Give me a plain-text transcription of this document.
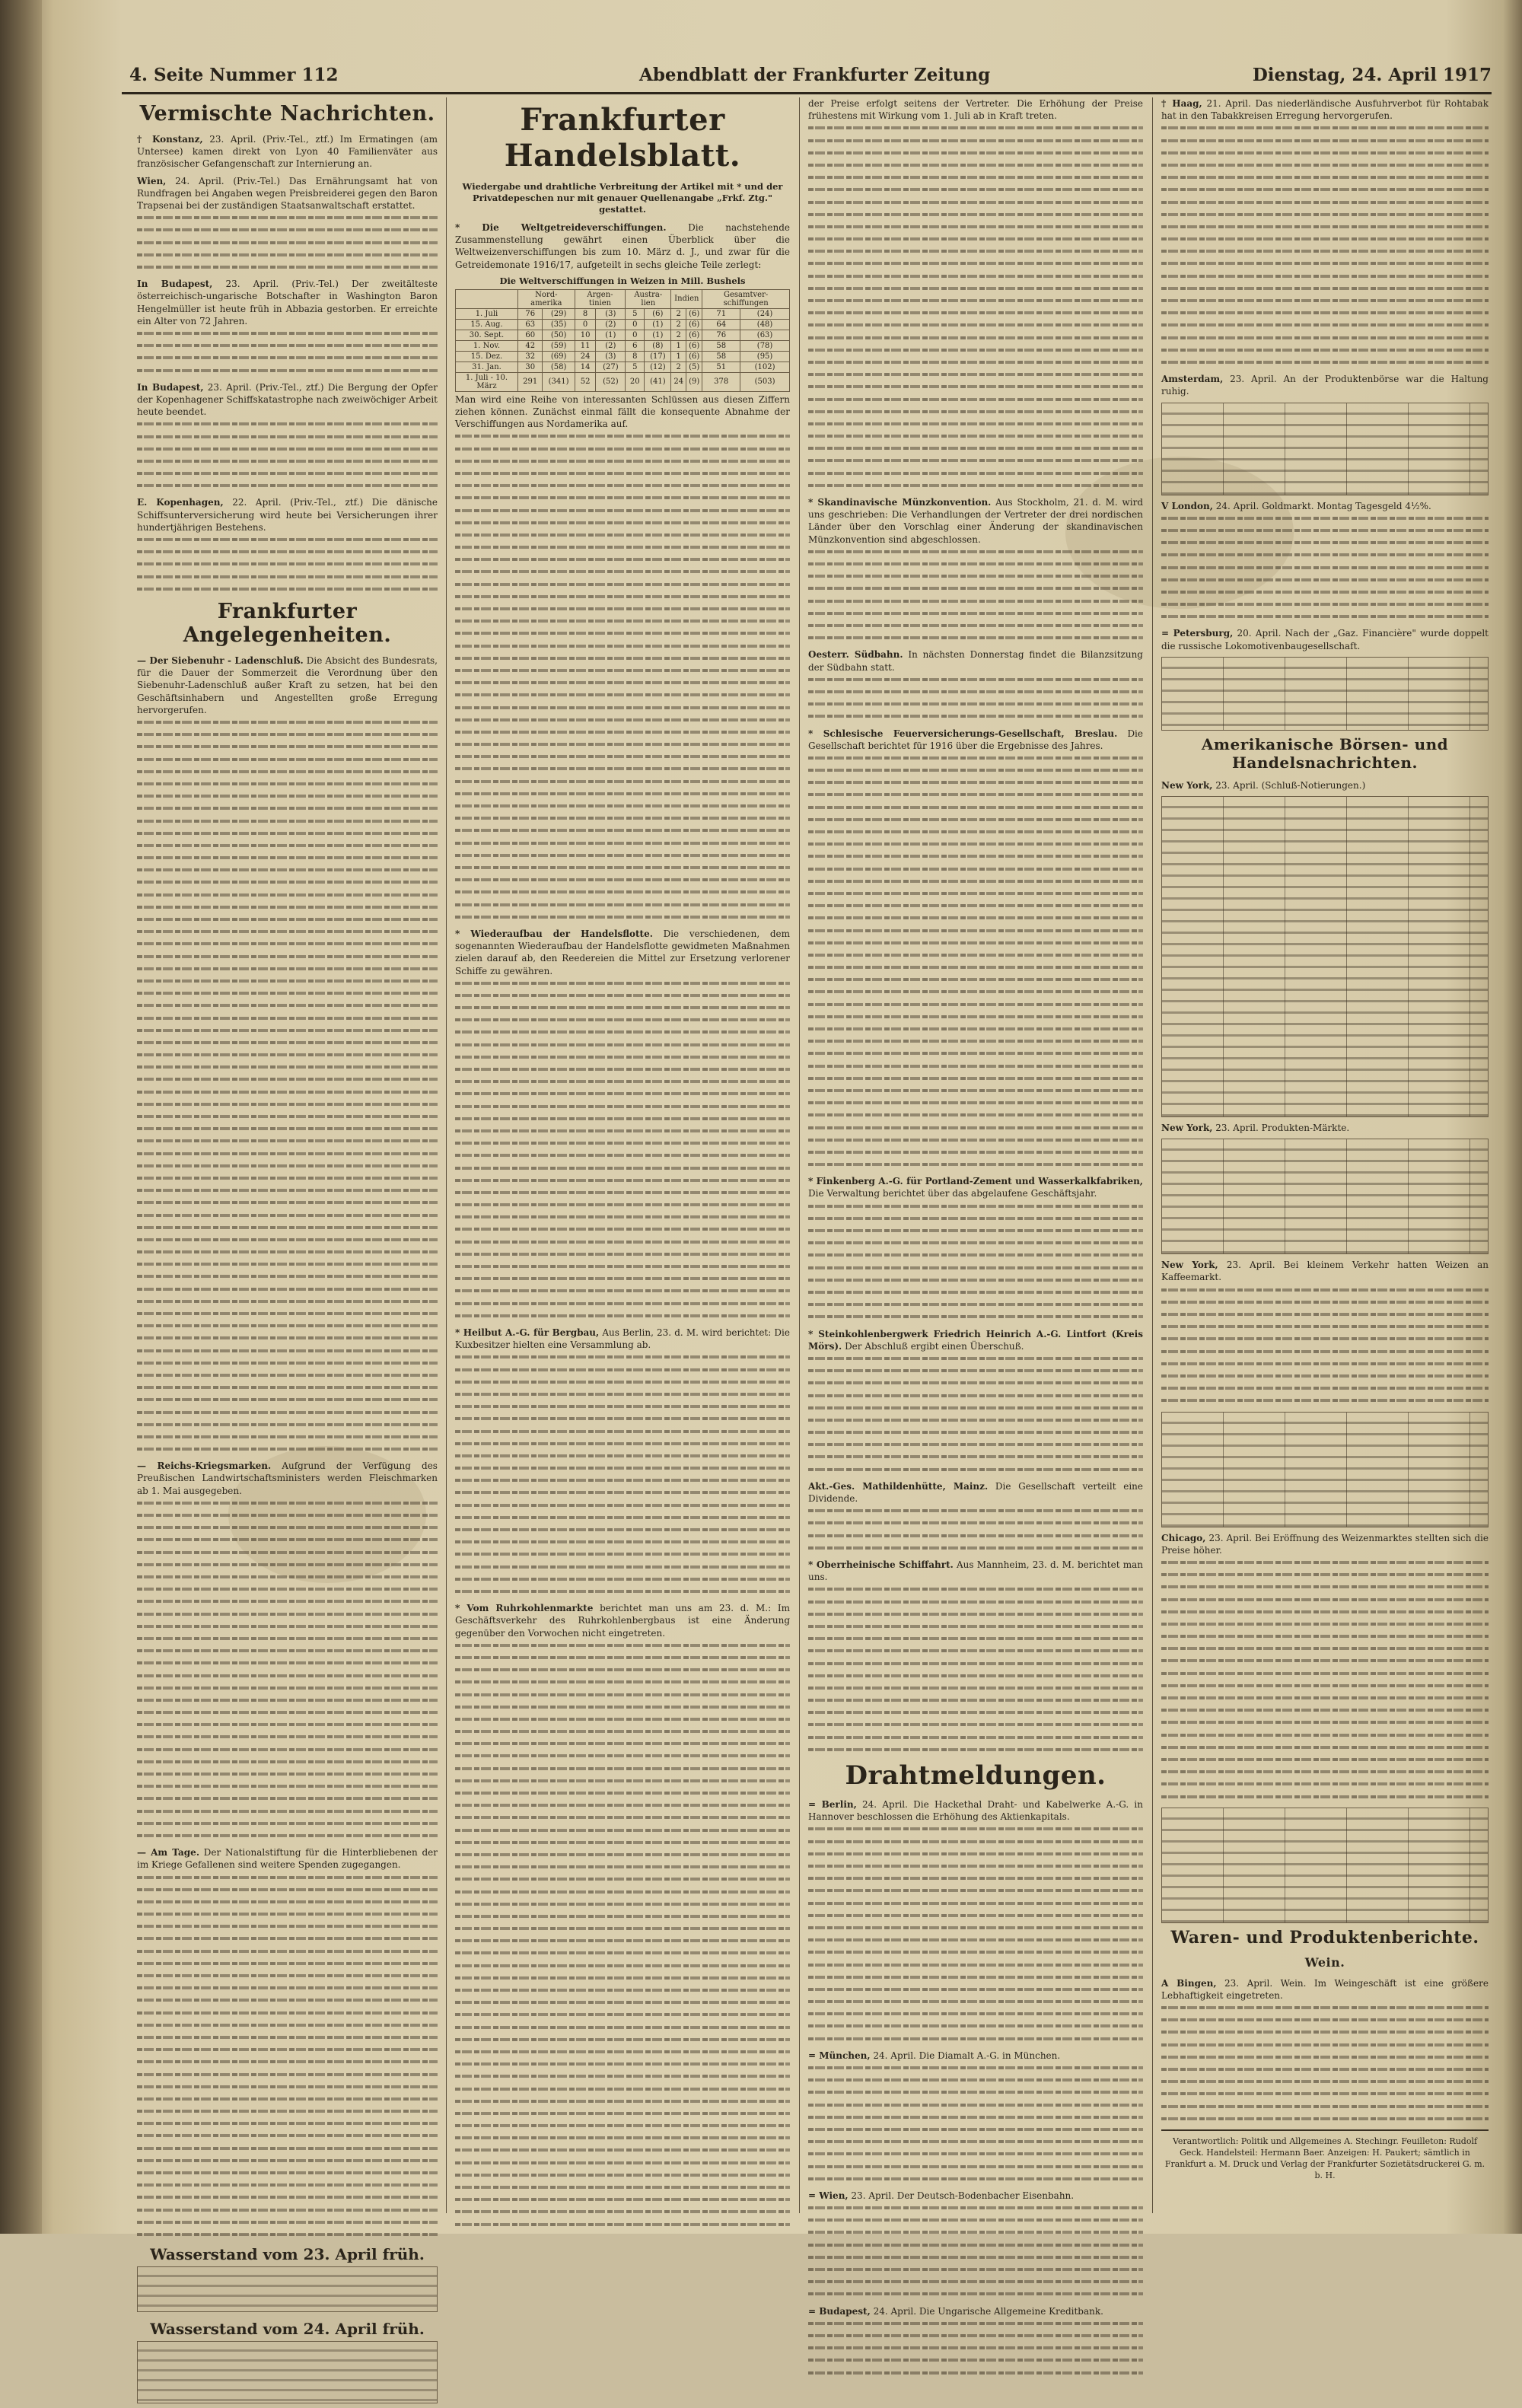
4. Seite Nummer 112	Abendblatt der Frankfurter Zeitung	Dienstag, 24. April 1917
Vermischte Nachrichten.

† Konstanz, 23. April. (Priv.-Tel., ztf.) Im Ermatingen (am Untersee) kamen direkt von Lyon 40 Familienväter aus französischer Gefangenschaft zur Internierung an.

Wien, 24. April. (Priv.-Tel.) Das Ernährungsamt hat von Rundfragen bei Angaben wegen Preisbreiderei gegen den Baron Trapsenai bei der zuständigen Staatsanwaltschaft erstattet.

In Budapest, 23. April. (Priv.-Tel.) Der zweitälteste österreichisch-ungarische Botschafter in Washington Baron Hengelmüller ist heute früh in Abbazia gestorben. Er erreichte ein Alter von 72 Jahren.

In Budapest, 23. April. (Priv.-Tel., ztf.) Die Bergung der Opfer der Kopenhagener Schiffskatastrophe nach zweiwöchiger Arbeit heute beendet.

E. Kopenhagen, 22. April. (Priv.-Tel., ztf.) Die dänische Schiffsunterversicherung wird heute bei Versicherungen ihrer hundertjährigen Bestehens.

Frankfurter Angelegenheiten.

— Der Siebenuhr - Ladenschluß. Die Absicht des Bundesrats, für die Dauer der Sommerzeit die Verordnung über den Siebenuhr-Ladenschluß außer Kraft zu setzen, hat bei den Geschäftsinhabern und Angestellten große Erregung hervorgerufen.

— Reichs-Kriegsmarken. Aufgrund der Verfügung des Preußischen Landwirtschaftsministers werden Fleischmarken ab 1. Mai ausgegeben.

— Am Tage. Der Nationalstiftung für die Hinterbliebenen der im Kriege Gefallenen sind weitere Spenden zugegangen.

Wasserstand vom 23. April früh.
Wasserstand vom 24. April früh.
Frankfurter Handelsblatt.
Wiedergabe und drahtliche Verbreitung der Artikel mit * und der Privatdepeschen nur mit genauer Quellenangabe „Frkf. Ztg." gestattet.

* Die Weltgetreideverschiffungen. Die nachstehende Zusammenstellung gewährt einen Überblick über die Weltweizenverschiffungen bis zum 10. März d. J., und zwar für die Getreidemonate 1916/17, aufgeteilt in sechs gleiche Teile zerlegt:

Die Weltverschiffungen in Weizen in Mill. Bushels
	Nord-amerika		Argen-tinien		Austra-lien		Indien		Gesamtver-schiffungen	
1. Juli	76	(29)	8	(3)	5	(6)	2	(6)	71	(24)
15. Aug.	63	(35)	0	(2)	0	(1)	2	(6)	64	(48)
30. Sept.	60	(50)	10	(1)	0	(1)	2	(6)	76	(63)
1. Nov.	42	(59)	11	(2)	6	(8)	1	(6)	58	(78)
15. Dez.	32	(69)	24	(3)	8	(17)	1	(6)	58	(95)
31. Jan.	30	(58)	14	(27)	5	(12)	2	(5)	51	(102)
1. Juli - 10. März	291	(341)	52	(52)	20	(41)	24	(9)	378	(503)

Man wird eine Reihe von interessanten Schlüssen aus diesen Ziffern ziehen können. Zunächst einmal fällt die konsequente Abnahme der Verschiffungen aus Nordamerika auf.

* Wiederaufbau der Handelsflotte. Die verschiedenen, dem sogenannten Wiederaufbau der Handelsflotte gewidmeten Maßnahmen zielen darauf ab, den Reedereien die Mittel zur Ersetzung verlorener Schiffe zu gewähren.

* Heilbut A.-G. für Bergbau, Aus Berlin, 23. d. M. wird berichtet: Die Kuxbesitzer hielten eine Versammlung ab.

* Vom Ruhrkohlenmarkte berichtet man uns am 23. d. M.: Im Geschäftsverkehr des Ruhrkohlenbergbaus ist eine Änderung gegenüber den Vorwochen nicht eingetreten.

der Preise erfolgt seitens der Vertreter. Die Erhöhung der Preise frühestens mit Wirkung vom 1. Juli ab in Kraft treten.

* Skandinavische Münzkonvention. Aus Stockholm, 21. d. M. wird uns geschrieben: Die Verhandlungen der Vertreter der drei nordischen Länder über den Vorschlag einer Änderung der skandinavischen Münzkonvention sind abgeschlossen.

Oesterr. Südbahn. In nächsten Donnerstag findet die Bilanzsitzung der Südbahn statt.

* Schlesische Feuerversicherungs-Gesellschaft, Breslau. Die Gesellschaft berichtet für 1916 über die Ergebnisse des Jahres.

* Finkenberg A.-G. für Portland-Zement und Wasserkalkfabriken, Die Verwaltung berichtet über das abgelaufene Geschäftsjahr.

* Steinkohlenbergwerk Friedrich Heinrich A.-G. Lintfort (Kreis Mörs). Der Abschluß ergibt einen Überschuß.

Akt.-Ges. Mathildenhütte, Mainz. Die Gesellschaft verteilt eine Dividende.

* Oberrheinische Schiffahrt. Aus Mannheim, 23. d. M. berichtet man uns.

Drahtmeldungen.

= Berlin, 24. April. Die Hackethal Draht- und Kabelwerke A.-G. in Hannover beschlossen die Erhöhung des Aktienkapitals.

= München, 24. April. Die Diamalt A.-G. in München.

= Wien, 23. April. Der Deutsch-Bodenbacher Eisenbahn.

= Budapest, 24. April. Die Ungarische Allgemeine Kreditbank.

† Haag, 21. April. Das niederländische Ausfuhrverbot für Rohtabak hat in den Tabakkreisen Erregung hervorgerufen.

Amsterdam, 23. April. An der Produktenbörse war die Haltung ruhig.

V London, 24. April. Goldmarkt. Montag Tagesgeld 4½%.

= Petersburg, 20. April. Nach der „Gaz. Financière" wurde doppelt die russische Lokomotivenbaugesellschaft.

Amerikanische Börsen- und Handelsnachrichten.

New York, 23. April. (Schluß-Notierungen.)

New York, 23. April. Produkten-Märkte.

New York, 23. April. Bei kleinem Verkehr hatten Weizen an Kaffeemarkt.

Chicago, 23. April. Bei Eröffnung des Weizenmarktes stellten sich die Preise höher.

Waren- und Produktenberichte.
Wein.

A Bingen, 23. April. Wein. Im Weingeschäft ist eine größere Lebhaftigkeit eingetreten.

Verantwortlich: Politik und Allgemeines A. Stechingr. Feuilleton: Rudolf Geck. Handelsteil: Hermann Baer. Anzeigen: H. Paukert; sämtlich in Frankfurt a. M. Druck und Verlag der Frankfurter Sozietätsdruckerei G. m. b. H.
